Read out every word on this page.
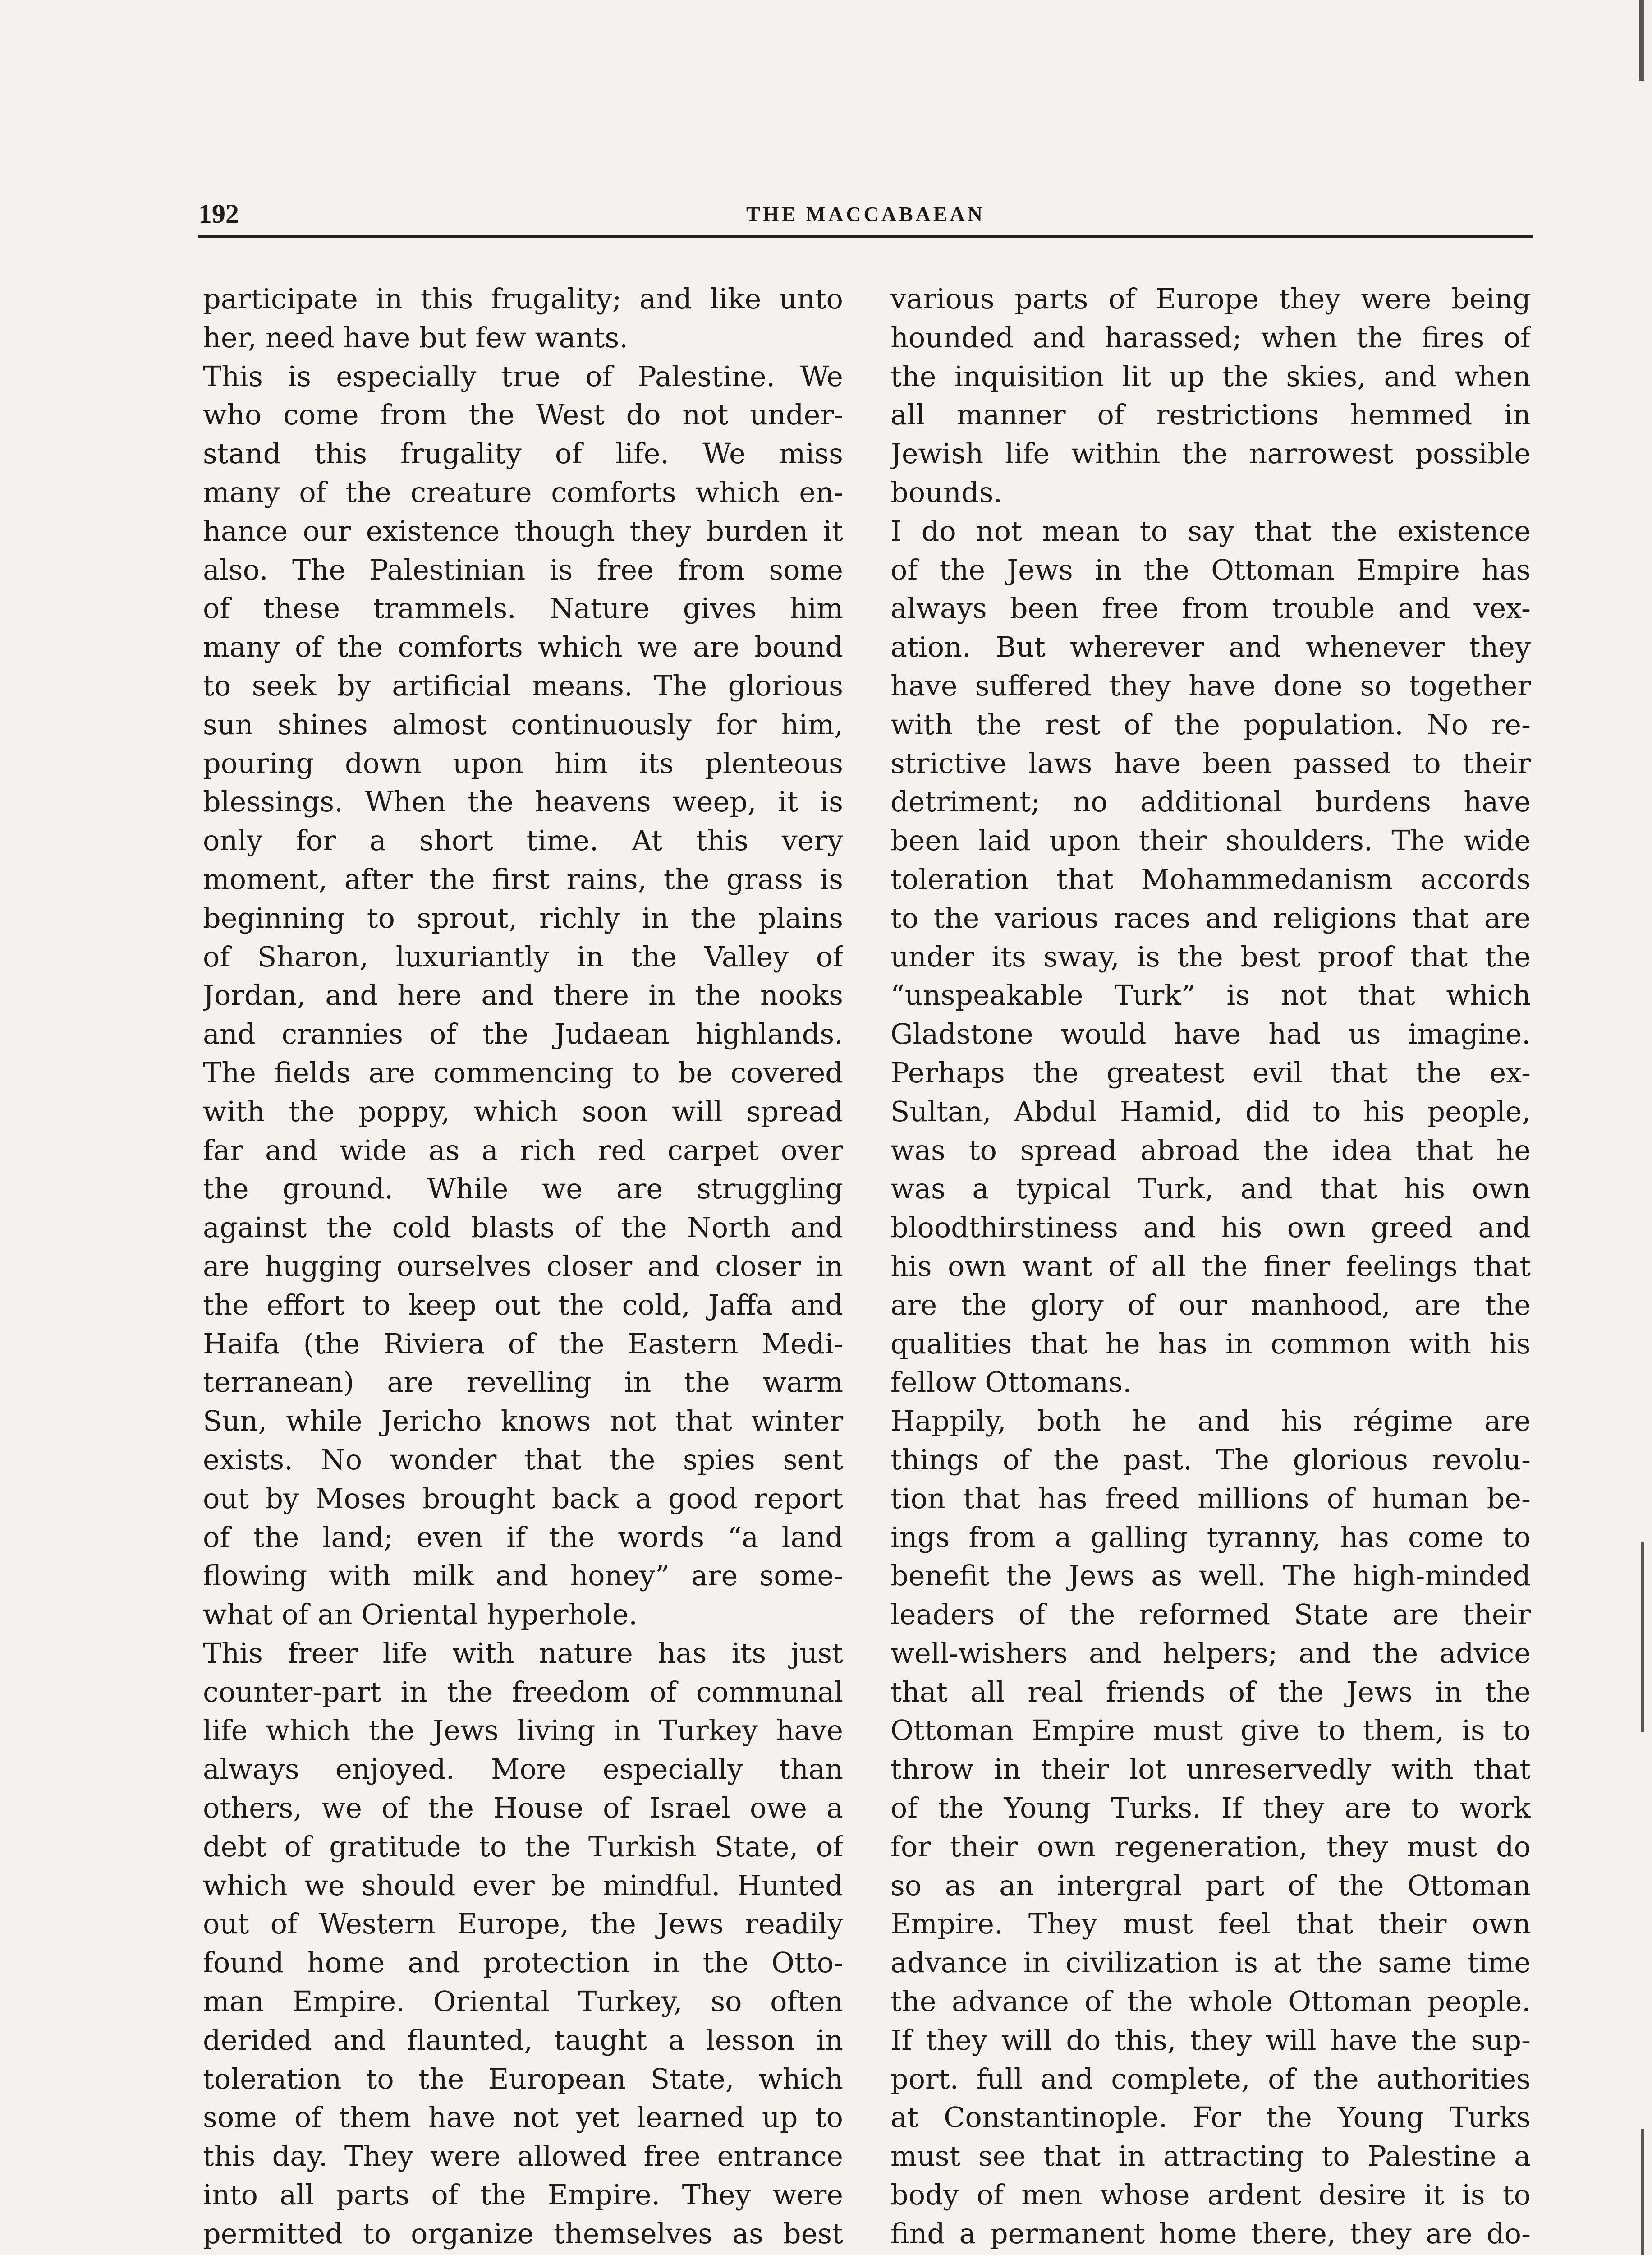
192	THE MACCABAEAN
participate in this frugality; and like unto
her, need have but few wants.
This is especially true of Palestine. We
who come from the West do not under-
stand this frugality of life. We miss
many of the creature comforts which en-
hance our existence though they burden it
also. The Palestinian is free from some
of these trammels. Nature gives him
many of the comforts which we are bound
to seek by artificial means. The glorious
sun shines almost continuously for him,
pouring down upon him its plenteous
blessings. When the heavens weep, it is
only for a short time. At this very
moment, after the first rains, the grass is
beginning to sprout, richly in the plains
of Sharon, luxuriantly in the Valley of
Jordan, and here and there in the nooks
and crannies of the Judaean highlands.
The fields are commencing to be covered
with the poppy, which soon will spread
far and wide as a rich red carpet over
the ground. While we are struggling
against the cold blasts of the North and
are hugging ourselves closer and closer in
the effort to keep out the cold, Jaffa and
Haifa (the Riviera of the Eastern Medi-
terranean) are revelling in the warm
Sun, while Jericho knows not that winter
exists. No wonder that the spies sent
out by Moses brought back a good report
of the land; even if the words “a land
flowing with milk and honey” are some-
what of an Oriental hyperhole.
This freer life with nature has its just
counter-part in the freedom of communal
life which the Jews living in Turkey have
always enjoyed. More especially than
others, we of the House of Israel owe a
debt of gratitude to the Turkish State, of
which we should ever be mindful. Hunted
out of Western Europe, the Jews readily
found home and protection in the Otto-
man Empire. Oriental Turkey, so often
derided and flaunted, taught a lesson in
toleration to the European State, which
some of them have not yet learned up to
this day. They were allowed free entrance
into all parts of the Empire. They were
permitted to organize themselves as best
various parts of Europe they were being
hounded and harassed; when the fires of
the inquisition lit up the skies, and when
all manner of restrictions hemmed in
Jewish life within the narrowest possible
bounds.
I do not mean to say that the existence
of the Jews in the Ottoman Empire has
always been free from trouble and vex-
ation. But wherever and whenever they
have suffered they have done so together
with the rest of the population. No re-
strictive laws have been passed to their
detriment; no additional burdens have
been laid upon their shoulders. The wide
toleration that Mohammedanism accords
to the various races and religions that are
under its sway, is the best proof that the
“unspeakable Turk” is not that which
Gladstone would have had us imagine.
Perhaps the greatest evil that the ex-
Sultan, Abdul Hamid, did to his people,
was to spread abroad the idea that he
was a typical Turk, and that his own
bloodthirstiness and his own greed and
his own want of all the finer feelings that
are the glory of our manhood, are the
qualities that he has in common with his
fellow Ottomans.
Happily, both he and his régime are
things of the past. The glorious revolu-
tion that has freed millions of human be-
ings from a galling tyranny, has come to
benefit the Jews as well. The high-minded
leaders of the reformed State are their
well-wishers and helpers; and the advice
that all real friends of the Jews in the
Ottoman Empire must give to them, is to
throw in their lot unreservedly with that
of the Young Turks. If they are to work
for their own regeneration, they must do
so as an intergral part of the Ottoman
Empire. They must feel that their own
advance in civilization is at the same time
the advance of the whole Ottoman people.
If they will do this, they will have the sup-
port. full and complete, of the authorities
at Constantinople. For the Young Turks
must see that in attracting to Palestine a
body of men whose ardent desire it is to
find a permanent home there, they are do-
